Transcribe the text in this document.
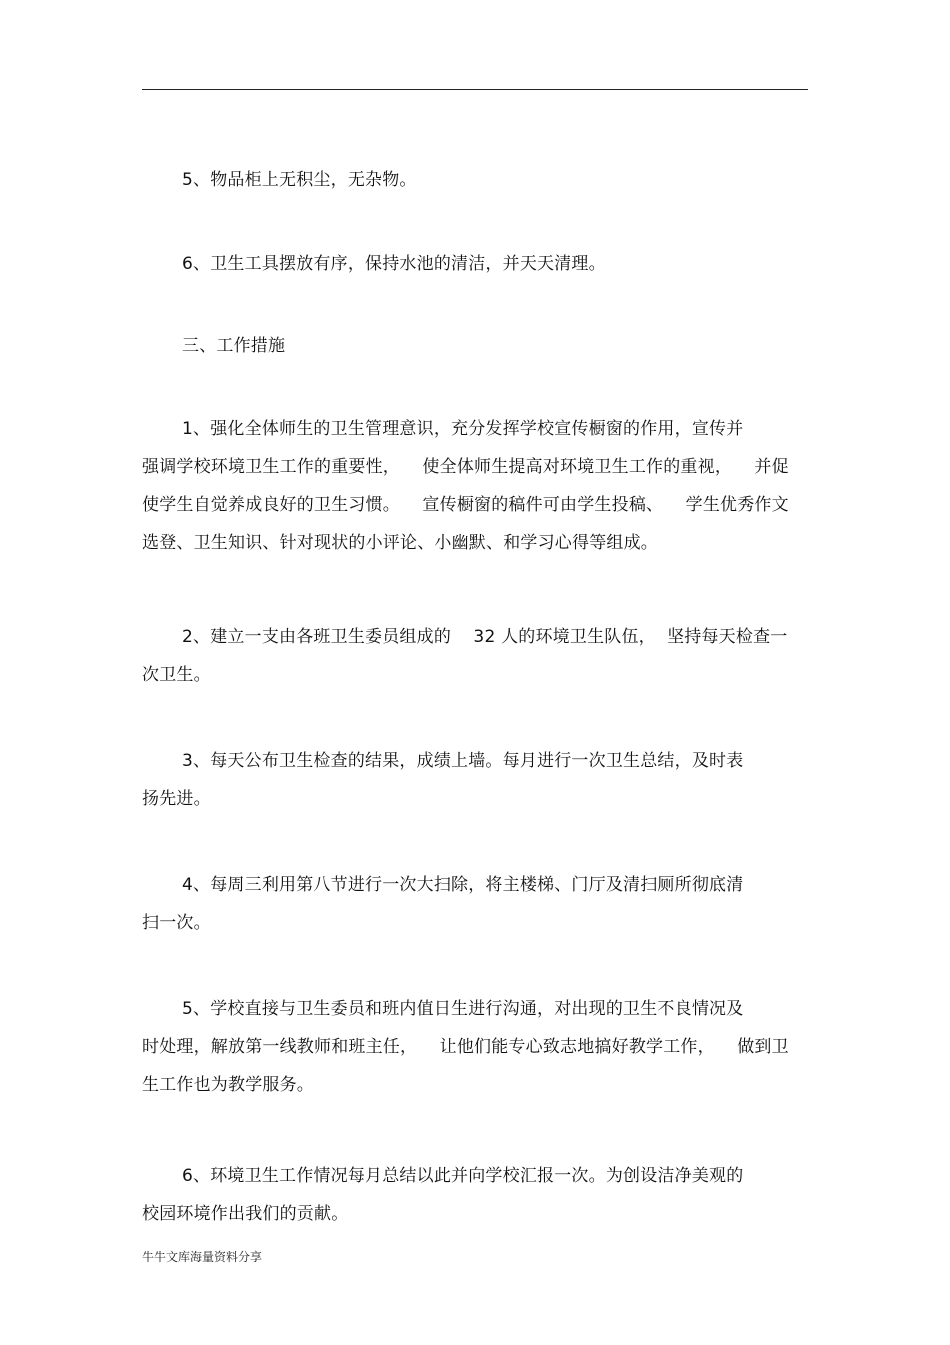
5、物品柜上无积尘，无杂物。
6、卫生工具摆放有序，保持水池的清洁，并天天清理。
三、工作措施
1、强化全体师生的卫生管理意识，充分发挥学校宣传橱窗的作用，宣传并
强调学校环境卫生工作的重要性，    使全体师生提高对环境卫生工作的重视，    并促
使学生自觉养成良好的卫生习惯。    宣传橱窗的稿件可由学生投稿、    学生优秀作文
选登、卫生知识、针对现状的小评论、小幽默、和学习心得等组成。
2、建立一支由各班卫生委员组成的    32 人的环境卫生队伍，  坚持每天检查一
次卫生。
3、每天公布卫生检查的结果，成绩上墙。每月进行一次卫生总结，及时表
扬先进。
4、每周三利用第八节进行一次大扫除，将主楼梯、门厅及清扫厕所彻底清
扫一次。
5、学校直接与卫生委员和班内值日生进行沟通，对出现的卫生不良情况及
时处理，解放第一线教师和班主任，    让他们能专心致志地搞好教学工作，    做到卫
生工作也为教学服务。
6、环境卫生工作情况每月总结以此并向学校汇报一次。为创设洁净美观的
校园环境作出我们的贡献。
牛牛文库海量资料分享
